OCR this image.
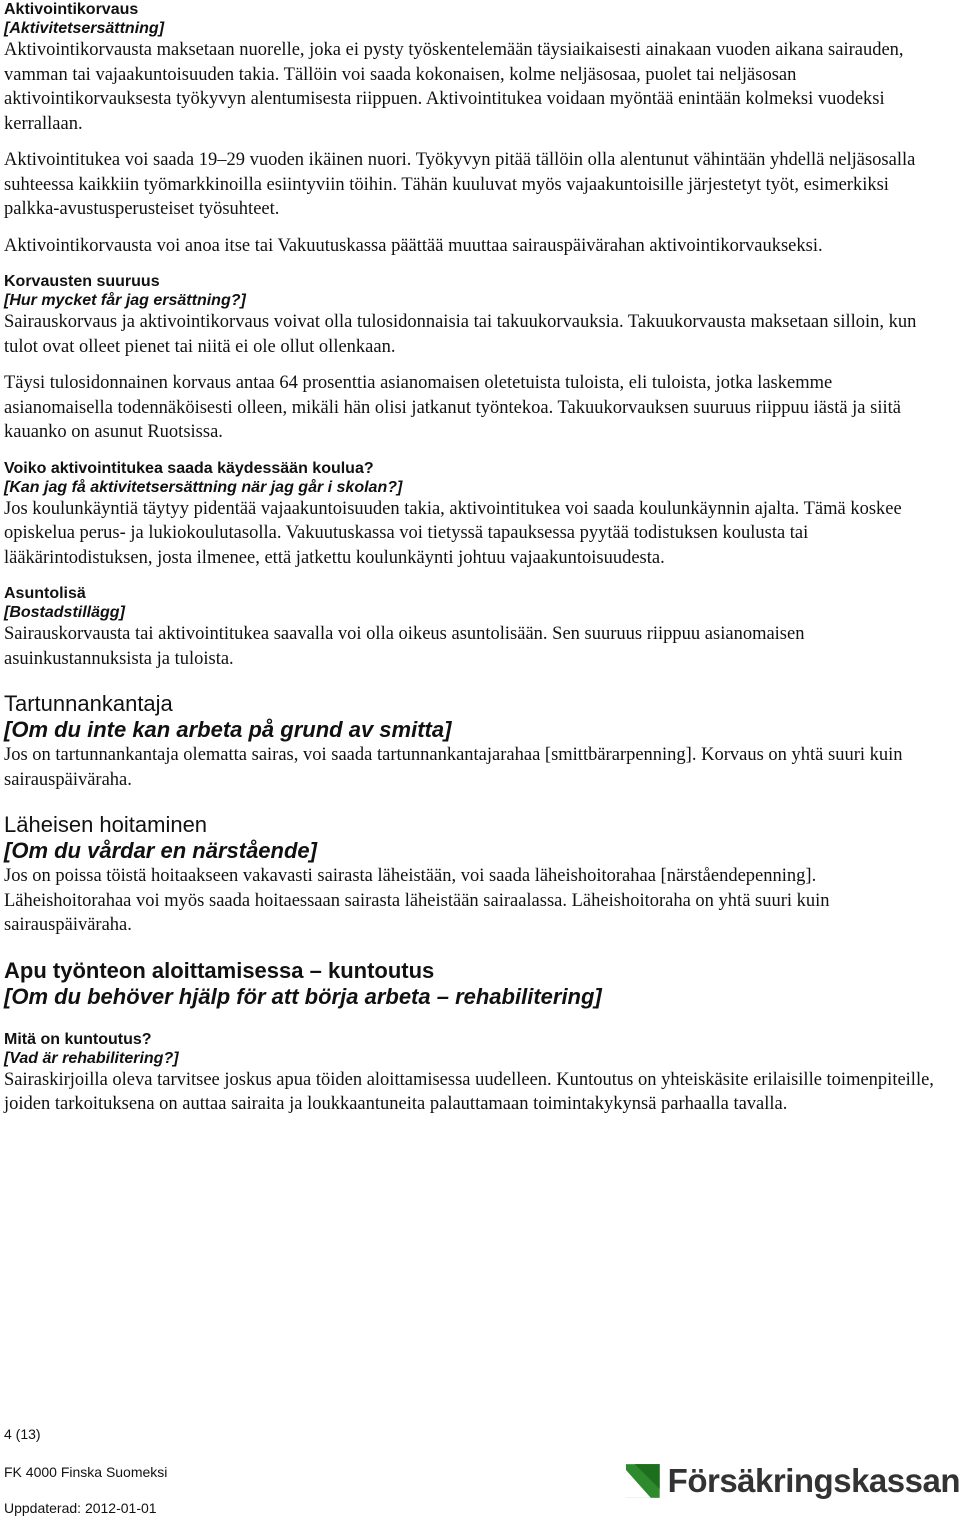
Aktivointikorvaus
[Aktivitetsersättning]

Aktivointikorvausta maksetaan nuorelle, joka ei pysty työskentelemään täysiaikaisesti ainakaan vuoden aikana sairauden, vamman tai vajaakuntoisuuden takia. Tällöin voi saada kokonaisen, kolme neljäsosaa, puolet tai neljäsosan aktivointikorvauksesta työkyvyn alentumisesta riippuen. Aktivointitukea voidaan myöntää enintään kolmeksi vuodeksi kerrallaan.

Aktivointitukea voi saada 19–29 vuoden ikäinen nuori. Työkyvyn pitää tällöin olla alentunut vähintään yhdellä neljäsosalla suhteessa kaikkiin työmarkkinoilla esiintyviin töihin. Tähän kuuluvat myös vajaakuntoisille järjestetyt työt, esimerkiksi palkka-avustusperusteiset työsuhteet.

Aktivointikorvausta voi anoa itse tai Vakuutuskassa päättää muuttaa sairauspäivärahan aktivointikorvaukseksi.

Korvausten suuruus
[Hur mycket får jag ersättning?]

Sairauskorvaus ja aktivointikorvaus voivat olla tulosidonnaisia tai takuukorvauksia. Takuukorvausta maksetaan silloin, kun tulot ovat olleet pienet tai niitä ei ole ollut ollenkaan.

Täysi tulosidonnainen korvaus antaa 64 prosenttia asianomaisen oletetuista tuloista, eli tuloista, jotka laskemme asianomaisella todennäköisesti olleen, mikäli hän olisi jatkanut työntekoa. Takuukorvauksen suuruus riippuu iästä ja siitä kauanko on asunut Ruotsissa.

Voiko aktivointitukea saada käydessään koulua?
[Kan jag få aktivitetsersättning när jag går i skolan?]

Jos koulunkäyntiä täytyy pidentää vajaakuntoisuuden takia, aktivointitukea voi saada koulunkäynnin ajalta. Tämä koskee opiskelua perus- ja lukiokoulutasolla. Vakuutuskassa voi tietyssä tapauksessa pyytää todistuksen koulusta tai lääkärintodistuksen, josta ilmenee, että jatkettu koulunkäynti johtuu vajaakuntoisuudesta.

Asuntolisä
[Bostadstillägg]

Sairauskorvausta tai aktivointitukea saavalla voi olla oikeus asuntolisään. Sen suuruus riippuu asianomaisen asuinkustannuksista ja tuloista.

Tartunnankantaja
[Om du inte kan arbeta på grund av smitta]

Jos on tartunnankantaja olematta sairas, voi saada tartunnankantajarahaa [smittbärarpenning]. Korvaus on yhtä suuri kuin sairauspäiväraha.

Läheisen hoitaminen
[Om du vårdar en närstående]

Jos on poissa töistä hoitaakseen vakavasti sairasta läheistään, voi saada läheishoitorahaa [närståendepenning]. Läheishoitorahaa voi myös saada hoitaessaan sairasta läheistään sairaalassa. Läheishoitoraha on yhtä suuri kuin sairauspäiväraha.

Apu työnteon aloittamisessa – kuntoutus
[Om du behöver hjälp för att börja arbeta – rehabilitering]
Mitä on kuntoutus?
[Vad är rehabilitering?]

Sairaskirjoilla oleva tarvitsee joskus apua töiden aloittamisessa uudelleen. Kuntoutus on yhteiskäsite erilaisille toimenpiteille, joiden tarkoituksena on auttaa sairaita ja loukkaantuneita palauttamaan toimintakykynsä parhaalla tavalla.

4 (13)
FK 4000 Finska Suomeksi
Uppdaterad: 2012-01-01
Försäkringskassan
